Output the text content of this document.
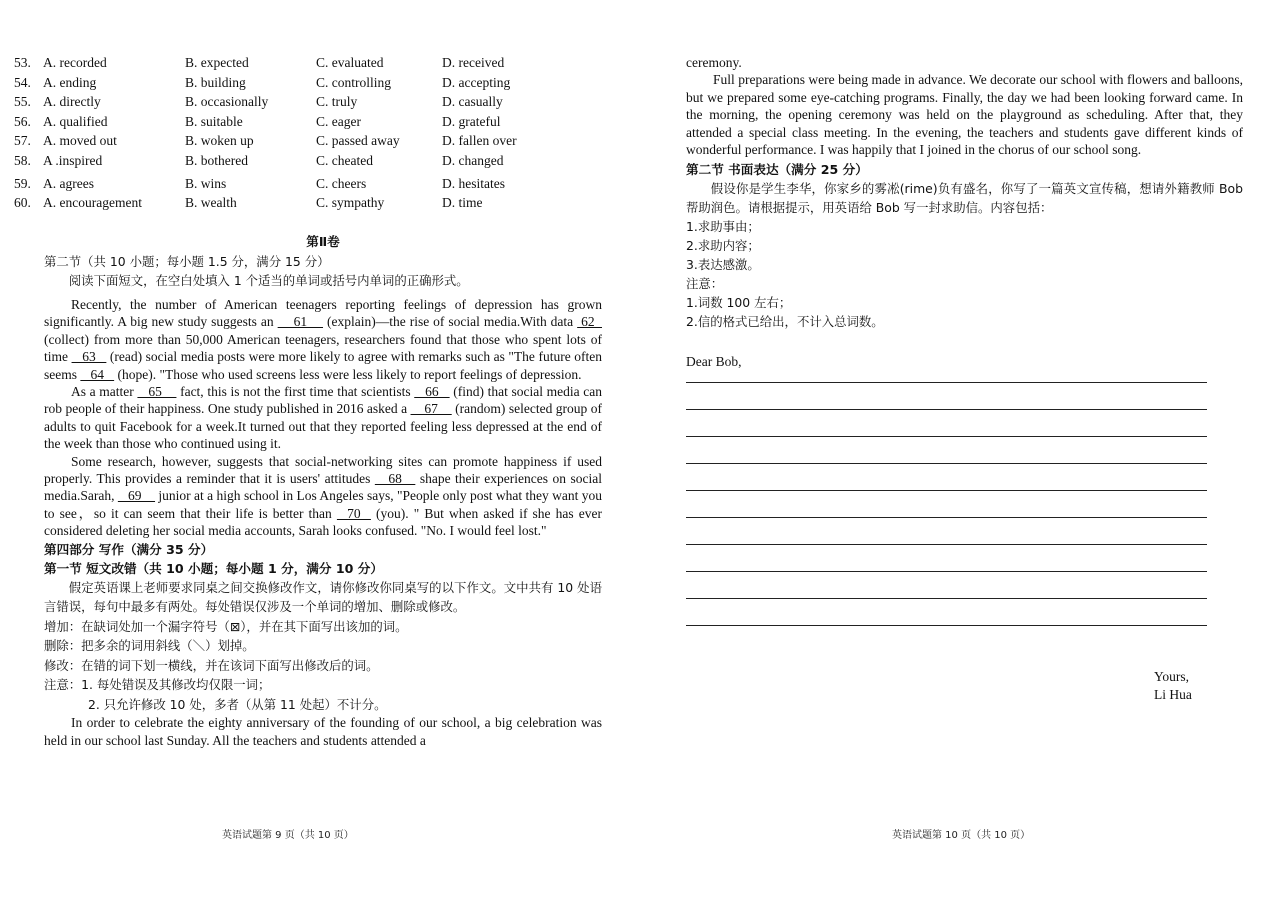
53. A. recorded	B. expected	C. evaluated	D. received
54. A. ending	B. building	C. controlling	D. accepting
55. A. directly	B. occasionally	C. truly	D. casually
56. A. qualified	B. suitable	C. eager	D. grateful
57. A. moved out	B. woken up	C. passed away	D. fallen over
58. A .inspired	B. bothered	C. cheated	D. changed
59. A. agrees	B. wins	C. cheers	D. hesitates
60. A. encouragement	B. wealth	C. sympathy	D. time
第Ⅱ卷
第二节（共 10 小题；每小题 1.5 分，满分 15 分）
阅读下面短文，在空白处填入 1 个适当的单词或括号内单词的正确形式。
Recently, the number of American teenagers reporting feelings of depression has grown significantly. A big new study suggests an     61     (explain)—the rise of social media.With data  62   (collect) from more than 50,000 American teenagers, researchers found that those who spent lots of time    63    (read) social media posts were more likely to agree with remarks such as "The future often seems    64    (hope). "Those who used screens less were less likely to report feelings of depression.
As a matter    65     fact, this is not the first time that scientists    66    (find) that social media can rob people of their happiness. One study published in 2016 asked a     67     (random) selected group of adults to quit Facebook for a week.It turned out that they reported feeling less depressed at the end of the week than those who continued using it.
Some research, however, suggests that social-networking sites can promote happiness if used properly. This provides a reminder that it is users' attitudes    68    shape their experiences on social media.Sarah,    69     junior at a high school in Los Angeles says, "People only post what they want you to see，so it can seem that their life is better than   70   (you). " But when asked if she has ever considered deleting her social media accounts, Sarah looks confused. "No. I would feel lost."
第四部分 写作（满分 35 分）
第一节 短文改错（共 10 小题；每小题 1 分，满分 10 分）
假定英语课上老师要求同桌之间交换修改作文，请你修改你同桌写的以下作文。文中共有 10 处语言错误，每句中最多有两处。每处错误仅涉及一个单词的增加、删除或修改。
增加：在缺词处加一个漏字符号（⊠），并在其下面写出该加的词。
删除：把多余的词用斜线（＼）划掉。
修改：在错的词下划一横线，并在该词下面写出修改后的词。
注意：1. 每处错误及其修改均仅限一词；
2. 只允许修改 10 处，多者（从第 11 处起）不计分。
In order to celebrate the eighty anniversary of the founding of our school, a big celebration was held in our school last Sunday. All the teachers and students attended a
英语试题第 9 页（共 10 页）
ceremony.
Full preparations were being made in advance. We decorate our school with flowers and balloons, but we prepared some eye-catching programs. Finally, the day we had been looking forward came. In the morning, the opening ceremony was held on the playground as scheduling. After that, they attended a special class meeting. In the evening, the teachers and students gave different kinds of wonderful performance. I was happily that I joined in the chorus of our school song.
第二节 书面表达（满分 25 分）
假设你是学生李华，你家乡的雾凇(rime)负有盛名，你写了一篇英文宣传稿，想请外籍教师 Bob 帮助润色。请根据提示，用英语给 Bob 写一封求助信。内容包括：
1.求助事由；
2.求助内容；
3.表达感激。
注意：
1.词数 100 左右；
2.信的格式已给出，不计入总词数。
Dear Bob,
Yours,
Li Hua
英语试题第 10 页（共 10 页）
